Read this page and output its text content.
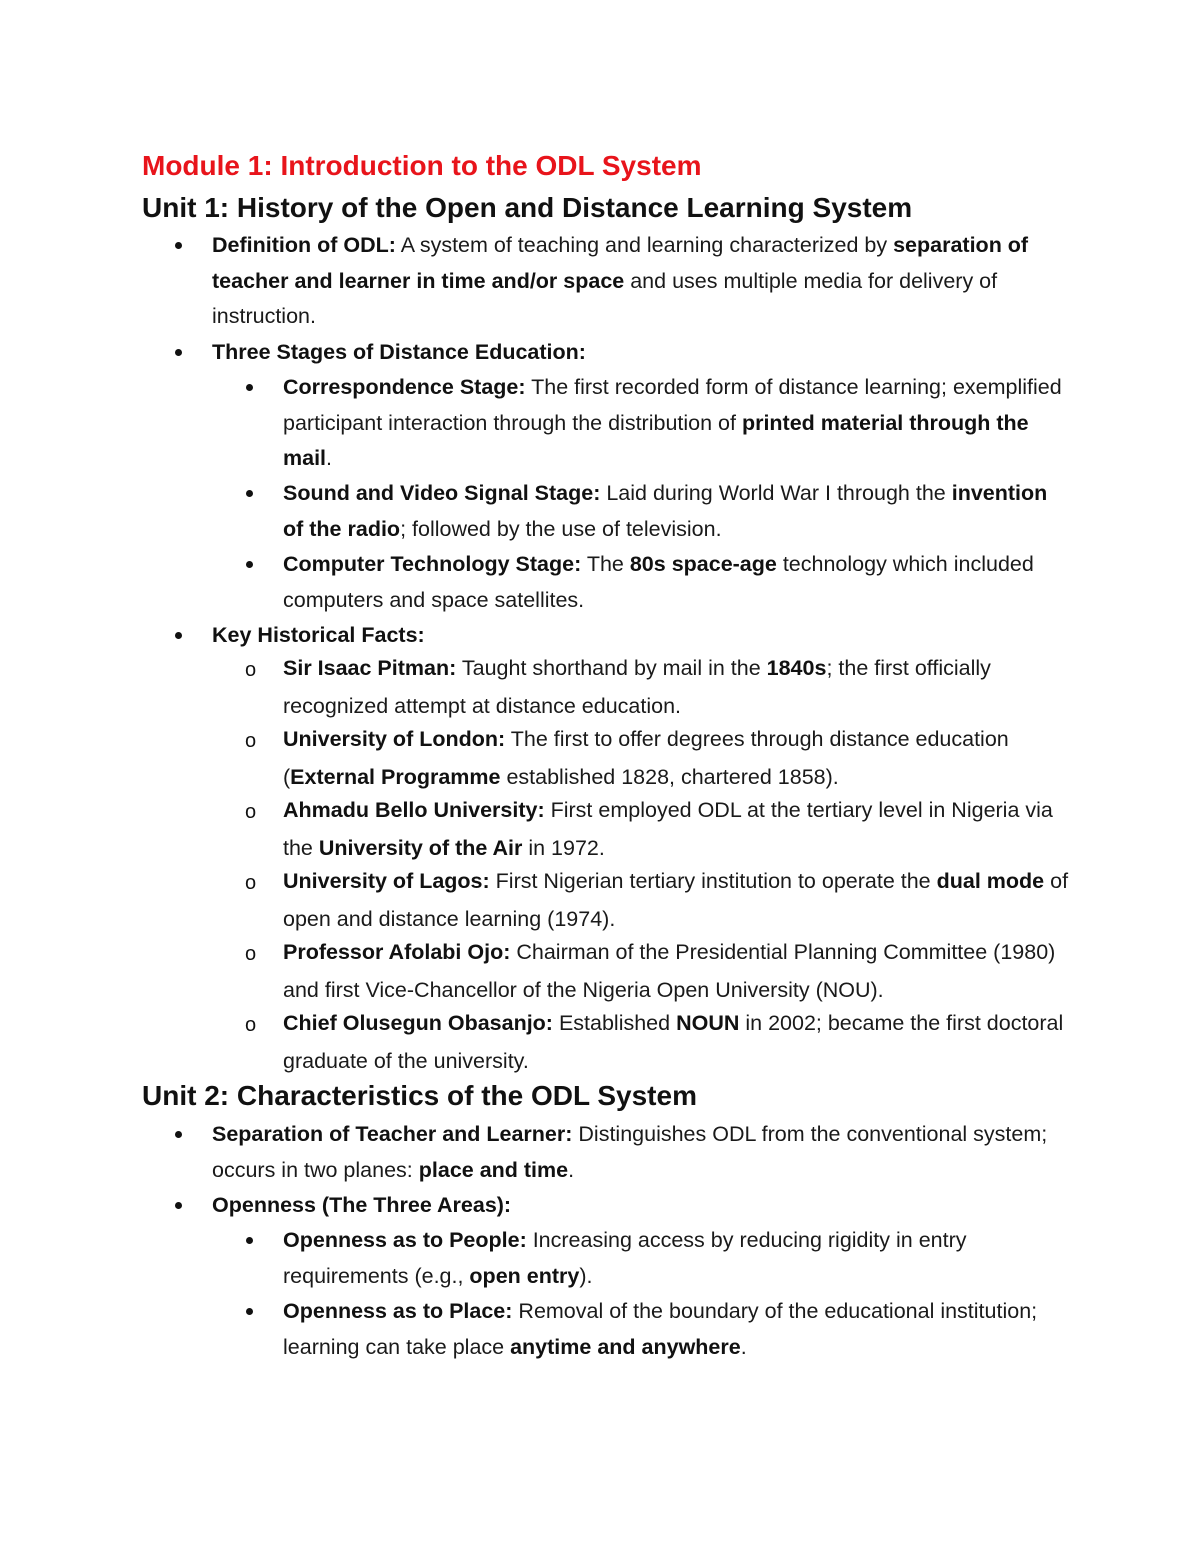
Module 1: Introduction to the ODL System
Unit 1: History of the Open and Distance Learning System
Definition of ODL: A system of teaching and learning characterized by separation of teacher and learner in time and/or space and uses multiple media for delivery of instruction.
Three Stages of Distance Education:
Correspondence Stage: The first recorded form of distance learning; exemplified participant interaction through the distribution of printed material through the mail.
Sound and Video Signal Stage: Laid during World War I through the invention of the radio; followed by the use of television.
Computer Technology Stage: The 80s space-age technology which included computers and space satellites.
Key Historical Facts:
o Sir Isaac Pitman: Taught shorthand by mail in the 1840s; the first officially recognized attempt at distance education.
o University of London: The first to offer degrees through distance education (External Programme established 1828, chartered 1858).
o Ahmadu Bello University: First employed ODL at the tertiary level in Nigeria via the University of the Air in 1972.
o University of Lagos: First Nigerian tertiary institution to operate the dual mode of open and distance learning (1974).
o Professor Afolabi Ojo: Chairman of the Presidential Planning Committee (1980) and first Vice-Chancellor of the Nigeria Open University (NOU).
o Chief Olusegun Obasanjo: Established NOUN in 2002; became the first doctoral graduate of the university.
Unit 2: Characteristics of the ODL System
Separation of Teacher and Learner: Distinguishes ODL from the conventional system; occurs in two planes: place and time.
Openness (The Three Areas):
Openness as to People: Increasing access by reducing rigidity in entry requirements (e.g., open entry).
Openness as to Place: Removal of the boundary of the educational institution; learning can take place anytime and anywhere.
